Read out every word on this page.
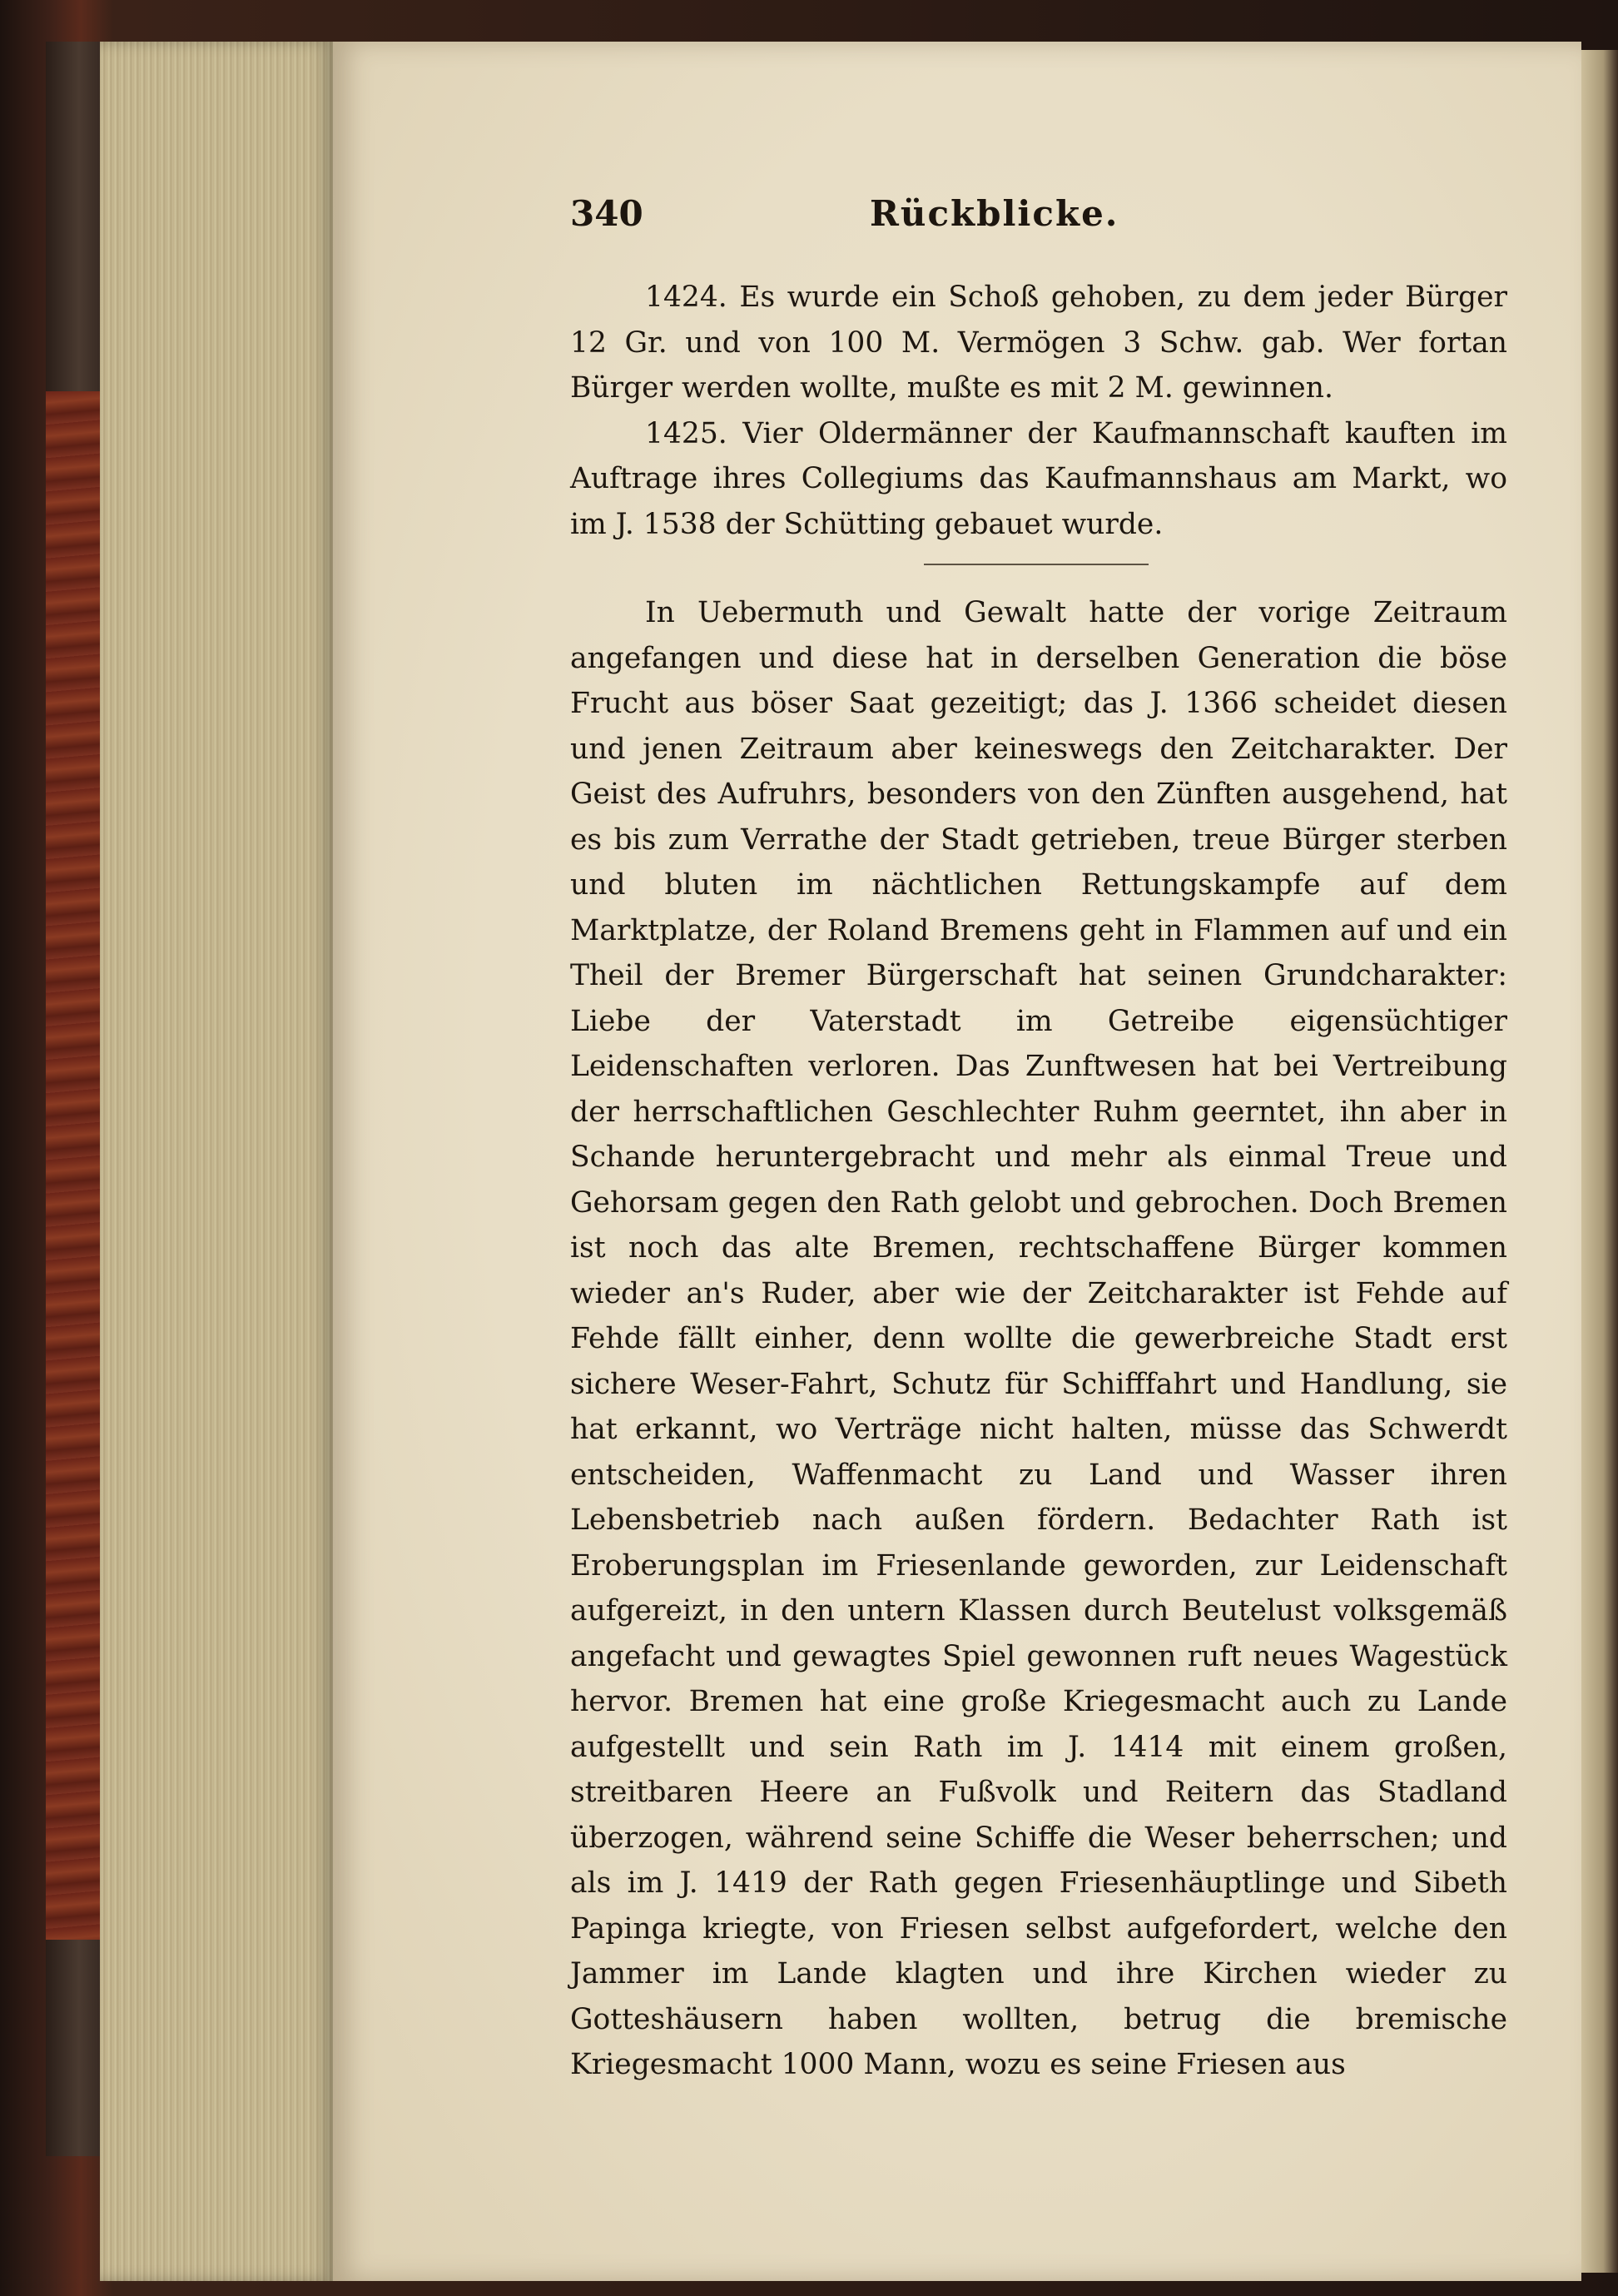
340	Rückblicke.

1424. Es wurde ein Schoß gehoben, zu dem jeder Bürger 12 Gr. und von 100 M. Vermögen 3 Schw. gab. Wer fortan Bürger werden wollte, mußte es mit 2 M. gewinnen.

1425. Vier Oldermänner der Kaufmannschaft kauften im Auftrage ihres Collegiums das Kaufmannshaus am Markt, wo im J. 1538 der Schütting gebauet wurde.

In Uebermuth und Gewalt hatte der vorige Zeitraum angefangen und diese hat in derselben Generation die böse Frucht aus böser Saat gezeitigt; das J. 1366 scheidet diesen und jenen Zeitraum aber keineswegs den Zeitcharakter. Der Geist des Aufruhrs, besonders von den Zünften ausgehend, hat es bis zum Verrathe der Stadt getrieben, treue Bürger sterben und bluten im nächtlichen Rettungskampfe auf dem Marktplatze, der Roland Bremens geht in Flammen auf und ein Theil der Bremer Bürgerschaft hat seinen Grundcharakter: Liebe der Vaterstadt im Getreibe eigensüchtiger Leidenschaften verloren. Das Zunftwesen hat bei Vertreibung der herrschaftlichen Geschlechter Ruhm geerntet, ihn aber in Schande heruntergebracht und mehr als einmal Treue und Gehorsam gegen den Rath gelobt und gebrochen. Doch Bremen ist noch das alte Bremen, rechtschaffene Bürger kommen wieder an's Ruder, aber wie der Zeitcharakter ist Fehde auf Fehde fällt einher, denn wollte die gewerbreiche Stadt erst sichere Weser-Fahrt, Schutz für Schifffahrt und Handlung, sie hat erkannt, wo Verträge nicht halten, müsse das Schwerdt entscheiden, Waffenmacht zu Land und Wasser ihren Lebensbetrieb nach außen fördern. Bedachter Rath ist Eroberungsplan im Friesenlande geworden, zur Leidenschaft aufgereizt, in den untern Klassen durch Beutelust volksgemäß angefacht und gewagtes Spiel gewonnen ruft neues Wagestück hervor. Bremen hat eine große Kriegesmacht auch zu Lande aufgestellt und sein Rath im J. 1414 mit einem großen, streitbaren Heere an Fußvolk und Reitern das Stadland überzogen, während seine Schiffe die Weser beherrschen; und als im J. 1419 der Rath gegen Friesenhäuptlinge und Sibeth Papinga kriegte, von Friesen selbst aufgefordert, welche den Jammer im Lande klagten und ihre Kirchen wieder zu Gotteshäusern haben wollten, betrug die bremische Kriegesmacht 1000 Mann, wozu es seine Friesen aus
